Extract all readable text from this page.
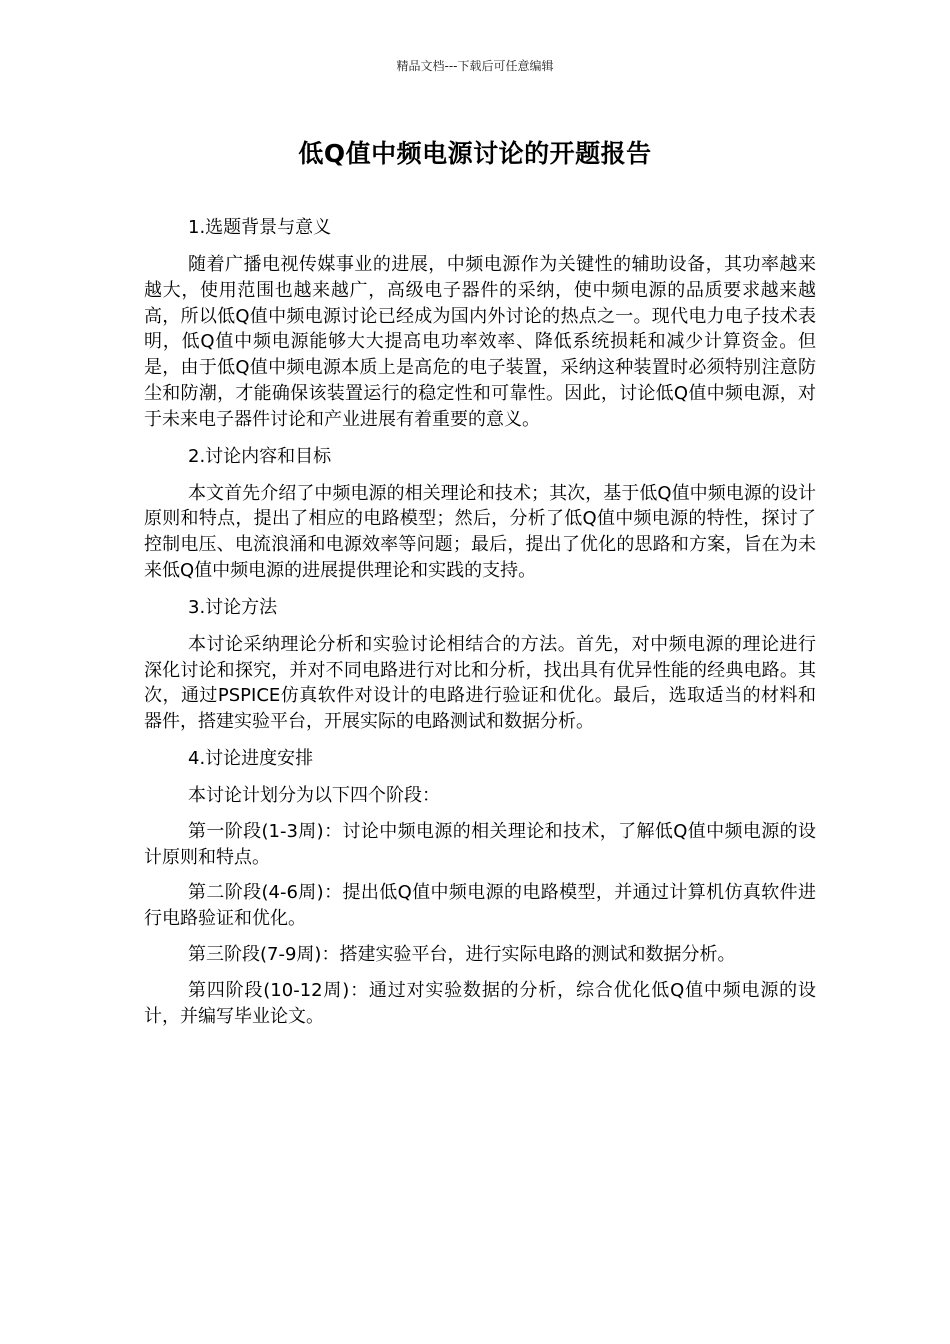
精品文档---下载后可任意编辑
低Q值中频电源讨论的开题报告

1.选题背景与意义

随着广播电视传媒事业的进展，中频电源作为关键性的辅助设备，其功率越来越大，使用范围也越来越广，高级电子器件的采纳，使中频电源的品质要求越来越高，所以低Q值中频电源讨论已经成为国内外讨论的热点之一。现代电力电子技术表明，低Q值中频电源能够大大提高电功率效率、降低系统损耗和减少计算资金。但是，由于低Q值中频电源本质上是高危的电子装置，采纳这种装置时必须特别注意防尘和防潮，才能确保该装置运行的稳定性和可靠性。因此，讨论低Q值中频电源，对于未来电子器件讨论和产业进展有着重要的意义。

2.讨论内容和目标

本文首先介绍了中频电源的相关理论和技术；其次，基于低Q值中频电源的设计原则和特点，提出了相应的电路模型；然后，分析了低Q值中频电源的特性，探讨了控制电压、电流浪涌和电源效率等问题；最后，提出了优化的思路和方案，旨在为未来低Q值中频电源的进展提供理论和实践的支持。

3.讨论方法

本讨论采纳理论分析和实验讨论相结合的方法。首先，对中频电源的理论进行深化讨论和探究，并对不同电路进行对比和分析，找出具有优异性能的经典电路。其次，通过PSPICE仿真软件对设计的电路进行验证和优化。最后，选取适当的材料和器件，搭建实验平台，开展实际的电路测试和数据分析。

4.讨论进度安排

本讨论计划分为以下四个阶段：

第一阶段(1-3周)：讨论中频电源的相关理论和技术，了解低Q值中频电源的设计原则和特点。

第二阶段(4-6周)：提出低Q值中频电源的电路模型，并通过计算机仿真软件进行电路验证和优化。

第三阶段(7-9周)：搭建实验平台，进行实际电路的测试和数据分析。

第四阶段(10-12周)：通过对实验数据的分析，综合优化低Q值中频电源的设计，并编写毕业论文。
